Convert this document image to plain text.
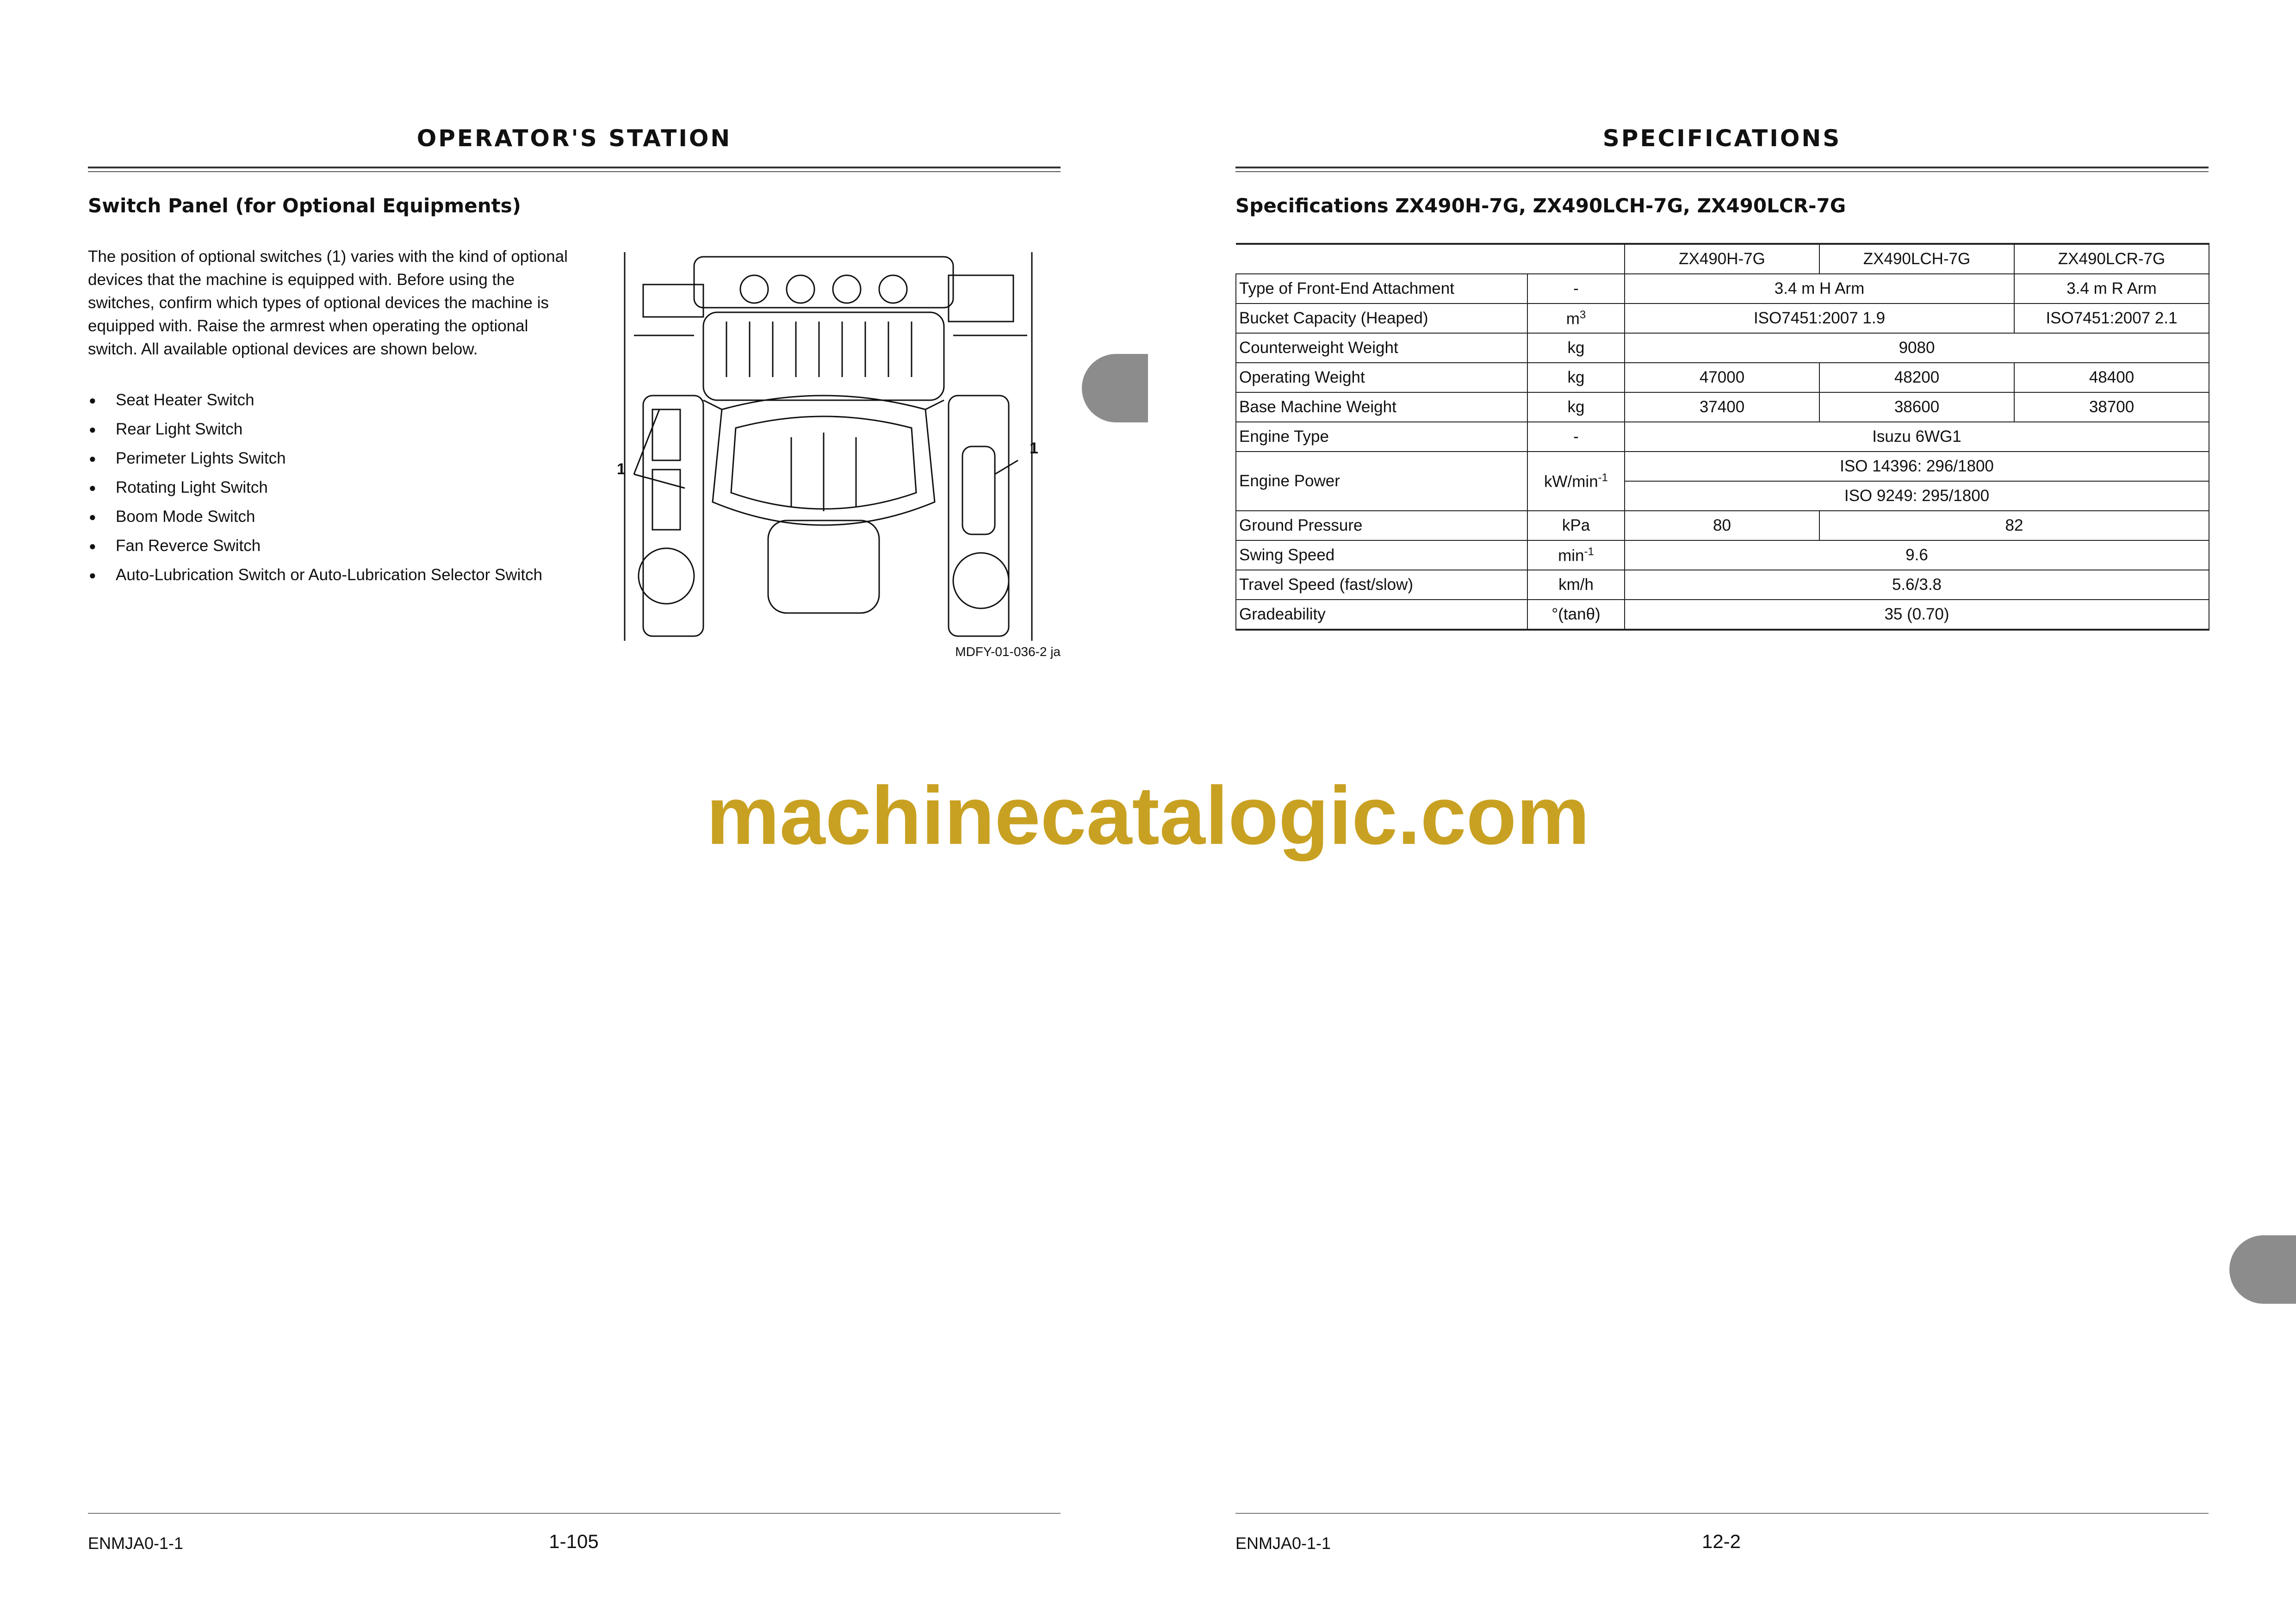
OPERATOR'S STATION
Switch Panel (for Optional Equipments)
The position of optional switches (1) varies with the kind of optional devices that the machine is equipped with. Before using the switches, confirm which types of optional devices the machine is equipped with. Raise the armrest when operating the optional switch. All available optional devices are shown below.
● Seat Heater Switch
● Rear Light Switch
● Perimeter Lights Switch
● Rotating Light Switch
● Boom Mode Switch
● Fan Reverce Switch
● Auto-Lubrication Switch or Auto-Lubrication Selector Switch
1
1
MDFY-01-036-2 ja
SPECIFICATIONS
Specifications ZX490H-7G, ZX490LCH-7G, ZX490LCR-7G
		ZX490H-7G	ZX490LCH-7G	ZX490LCR-7G
Type of Front-End Attachment	-	3.4 m H Arm		3.4 m R Arm
Bucket Capacity (Heaped)	$m^3$	ISO7451:2007 1.9		ISO7451:2007 2.1
Counterweight Weight	kg	9080		
Operating Weight	kg	47000	48200	48400
Base Machine Weight	kg	37400	38600	38700
Engine Type	-	Isuzu 6WG1		
Engine Power	$kW/\min^{-1}$	ISO 14396: 296/1800		
		ISO 9249: 295/1800		
Ground Pressure	kPa	80	82	
Swing Speed	$\min^{-1}$	9.6		
Travel Speed (fast/slow)	km/h	5.6/3.8		
Gradeability	°(tanθ)	35 (0.70)		
machinecatalogic.com
ENMJA0-1-1	1-105	ENMJA0-1-1	12-2
